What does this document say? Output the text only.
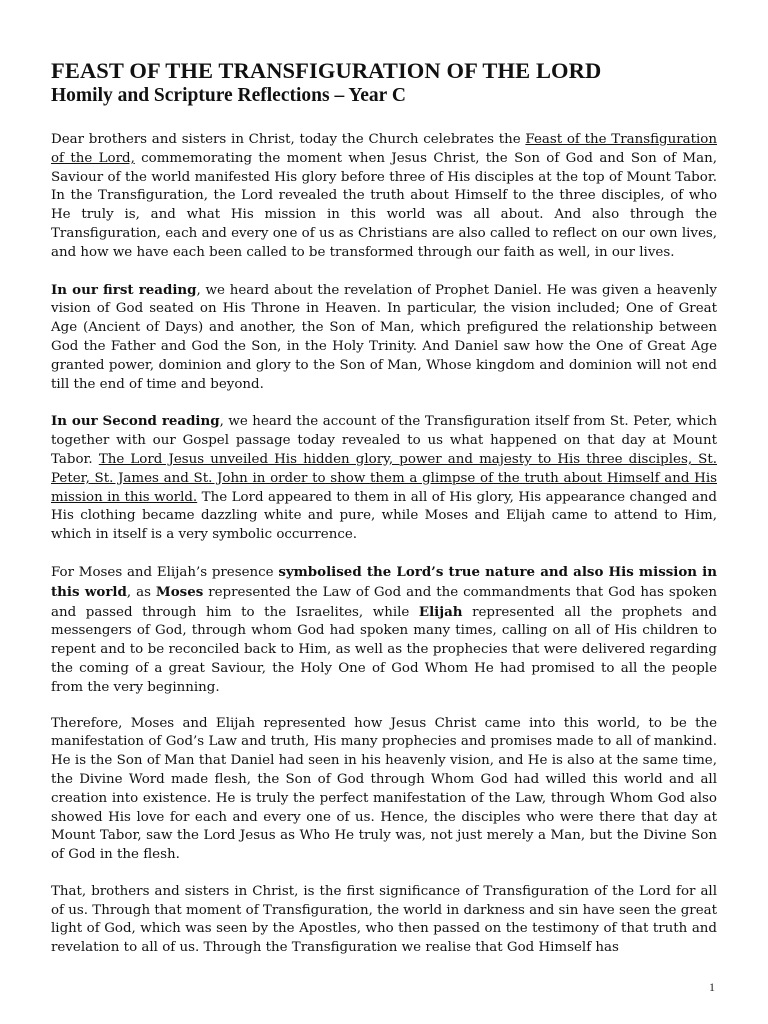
FEAST OF THE TRANSFIGURATION OF THE LORD
Homily and Scripture Reflections – Year C

Dear brothers and sisters in Christ, today the Church celebrates the Feast of the Transfiguration of the Lord, commemorating the moment when Jesus Christ, the Son of God and Son of Man, Saviour of the world manifested His glory before three of His disciples at the top of Mount Tabor. In the Transfiguration, the Lord revealed the truth about Himself to the three disciples, of who He truly is, and what His mission in this world was all about. And also through the Transfiguration, each and every one of us as Christians are also called to reflect on our own lives, and how we have each been called to be transformed through our faith as well, in our lives.

In our first reading, we heard about the revelation of Prophet Daniel. He was given a heavenly vision of God seated on His Throne in Heaven. In particular, the vision included; One of Great Age (Ancient of Days) and another, the Son of Man, which prefigured the relationship between God the Father and God the Son, in the Holy Trinity. And Daniel saw how the One of Great Age granted power, dominion and glory to the Son of Man, Whose kingdom and dominion will not end till the end of time and beyond.

In our Second reading, we heard the account of the Transfiguration itself from St. Peter, which together with our Gospel passage today revealed to us what happened on that day at Mount Tabor. The Lord Jesus unveiled His hidden glory, power and majesty to His three disciples, St. Peter, St. James and St. John in order to show them a glimpse of the truth about Himself and His mission in this world. The Lord appeared to them in all of His glory, His appearance changed and His clothing became dazzling white and pure, while Moses and Elijah came to attend to Him, which in itself is a very symbolic occurrence.

For Moses and Elijah’s presence symbolised the Lord’s true nature and also His mission in this world, as Moses represented the Law of God and the commandments that God has spoken and passed through him to the Israelites, while Elijah represented all the prophets and messengers of God, through whom God had spoken many times, calling on all of His children to repent and to be reconciled back to Him, as well as the prophecies that were delivered regarding the coming of a great Saviour, the Holy One of God Whom He had promised to all the people from the very beginning.

Therefore, Moses and Elijah represented how Jesus Christ came into this world, to be the manifestation of God’s Law and truth, His many prophecies and promises made to all of mankind. He is the Son of Man that Daniel had seen in his heavenly vision, and He is also at the same time, the Divine Word made flesh, the Son of God through Whom God had willed this world and all creation into existence. He is truly the perfect manifestation of the Law, through Whom God also showed His love for each and every one of us. Hence, the disciples who were there that day at Mount Tabor, saw the Lord Jesus as Who He truly was, not just merely a Man, but the Divine Son of God in the flesh.

That, brothers and sisters in Christ, is the first significance of Transfiguration of the Lord for all of us. Through that moment of Transfiguration, the world in darkness and sin have seen the great light of God, which was seen by the Apostles, who then passed on the testimony of that truth and revelation to all of us. Through the Transfiguration we realise that God Himself has

1
